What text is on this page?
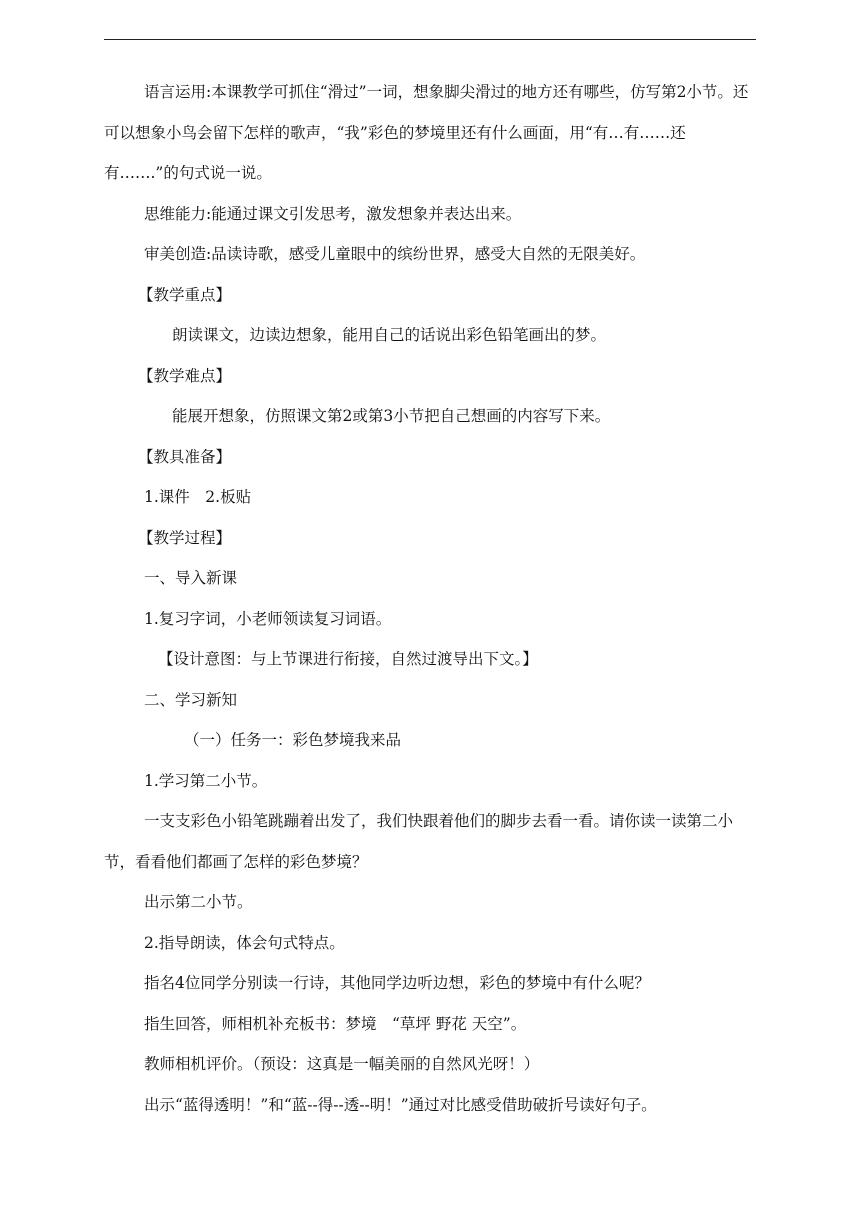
语言运用:本课教学可抓住“滑过”一词，想象脚尖滑过的地方还有哪些，仿写第2小节。还可以想象小鸟会留下怎样的歌声，“我”彩色的梦境里还有什么画面，用“有…有……还有…….”的句式说一说。

思维能力:能通过课文引发思考，激发想象并表达出来。

审美创造:品读诗歌，感受儿童眼中的缤纷世界，感受大自然的无限美好。

【教学重点】

朗读课文，边读边想象，能用自己的话说出彩色铅笔画出的梦。

【教学难点】

能展开想象，仿照课文第2或第3小节把自己想画的内容写下来。

【教具准备】

1.课件　2.板贴

【教学过程】

一、导入新课

1.复习字词，小老师领读复习词语。

【设计意图：与上节课进行衔接，自然过渡导出下文。】

二、学习新知

（一）任务一：彩色梦境我来品

1.学习第二小节。

一支支彩色小铅笔跳蹦着出发了，我们快跟着他们的脚步去看一看。请你读一读第二小节，看看他们都画了怎样的彩色梦境？

出示第二小节。

2.指导朗读，体会句式特点。

指名4位同学分别读一行诗，其他同学边听边想，彩色的梦境中有什么呢？

指生回答，师相机补充板书：梦境　“草坪 野花 天空”。

教师相机评价。（预设：这真是一幅美丽的自然风光呀！）

出示“蓝得透明！”和“蓝--得--透--明！”通过对比感受借助破折号读好句子。
